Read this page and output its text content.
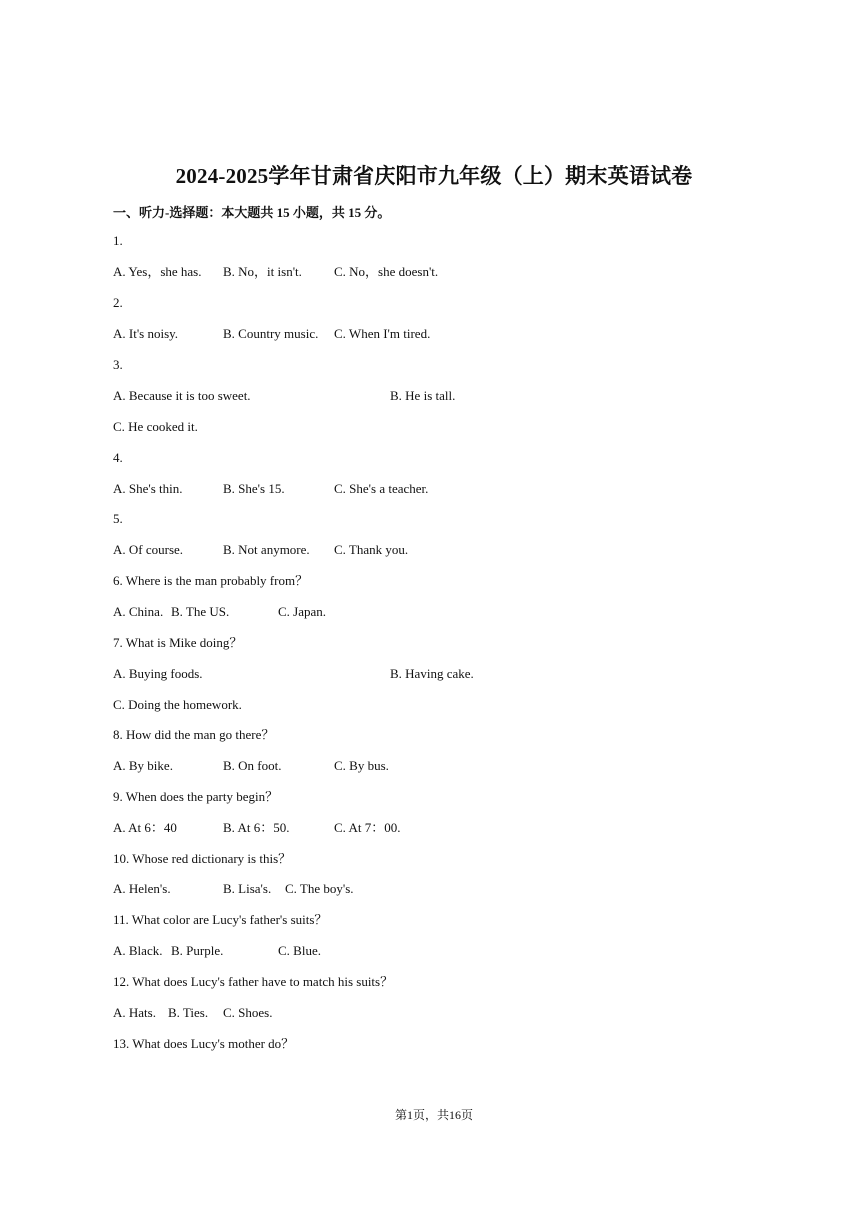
2024-2025学年甘肃省庆阳市九年级（上）期末英语试卷
一、听力-选择题：本大题共 15 小题，共 15 分。
1.
A. Yes，she has. B. No，it isn't. C. No，she doesn't.
2.
A. It's noisy.	B. Country music. C. When I'm tired.
3.
A. Because it is too sweet.	B. He is tall.
C. He cooked it.
4.
A. She's thin.	B. She's 15.	C. She's a teacher.
5.
A. Of course.	B. Not anymore. C. Thank you.
6. Where is the man probably from？
A. China. B. The US.	C. Japan.
7. What is Mike doing？
A. Buying foods.	B. Having cake.
C. Doing the homework.
8. How did the man go there？
A. By bike.	B. On foot.	C. By bus.
9. When does the party begin？
A. At 6：40	B. At 6：50.	C. At 7：00.
10. Whose red dictionary is this？
A. Helen's.	B. Lisa's. C. The boy's.
11. What color are Lucy's father's suits？
A. Black. B. Purple.	C. Blue.
12. What does Lucy's father have to match his suits？
A. Hats. B. Ties. C. Shoes.
13. What does Lucy's mother do？
第1页，共16页
